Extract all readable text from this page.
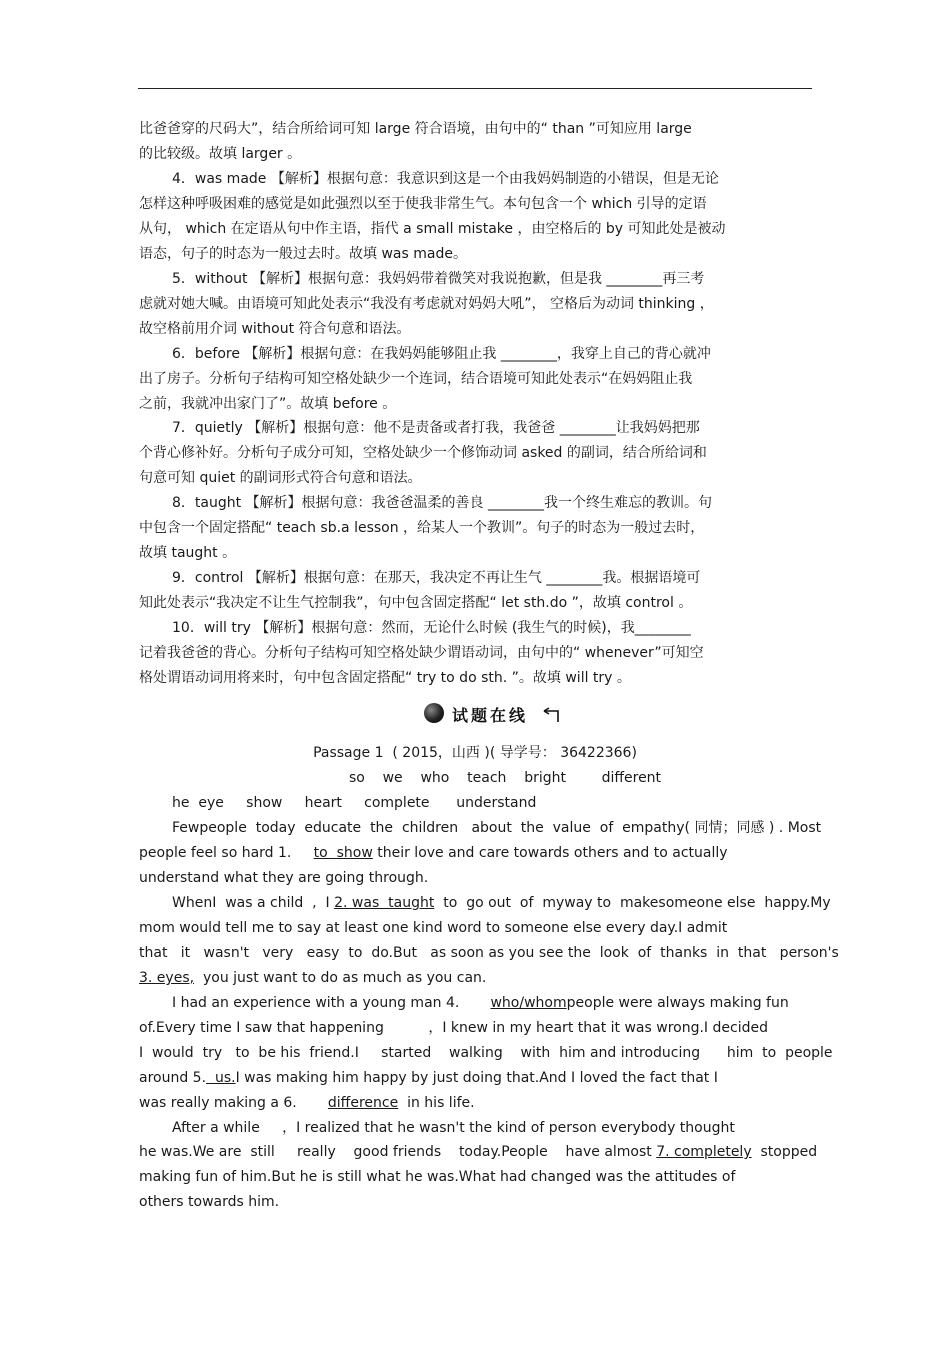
比爸爸穿的尺码大”，结合所给词可知 large 符合语境，由句中的“ than ”可知应用 large
的比较级。故填 larger 。
4．was made 【解析】根据句意：我意识到这是一个由我妈妈制造的小错误，但是无论
怎样这种呼吸困难的感觉是如此强烈以至于使我非常生气。本句包含一个 which 引导的定语
从句， which 在定语从句中作主语，指代 a small mistake ，由空格后的 by 可知此处是被动
语态，句子的时态为一般过去时。故填 was made。
5．without 【解析】根据句意：我妈妈带着微笑对我说抱歉，但是我 ________再三考
虑就对她大喊。由语境可知此处表示“我没有考虑就对妈妈大吼”， 空格后为动词 thinking ，
故空格前用介词 without 符合句意和语法。
6．before 【解析】根据句意：在我妈妈能够阻止我 ________，我穿上自己的背心就冲
出了房子。分析句子结构可知空格处缺少一个连词，结合语境可知此处表示“在妈妈阻止我
之前，我就冲出家门了”。故填 before 。
7．quietly 【解析】根据句意：他不是责备或者打我，我爸爸 ________让我妈妈把那
个背心修补好。分析句子成分可知，空格处缺少一个修饰动词 asked 的副词，结合所给词和
句意可知 quiet 的副词形式符合句意和语法。
8．taught 【解析】根据句意：我爸爸温柔的善良 ________我一个终生难忘的教训。句
中包含一个固定搭配“ teach sb.a lesson ，给某人一个教训”。句子的时态为一般过去时，
故填 taught 。
9．control 【解析】根据句意：在那天，我决定不再让生气 ________我。根据语境可
知此处表示“我决定不让生气控制我”，句中包含固定搭配“ let sth.do ”，故填 control 。
10．will try 【解析】根据句意：然而，无论什么时候 (我生气的时候)，我________
记着我爸爸的背心。分析句子结构可知空格处缺少谓语动词，由句中的“ whenever”可知空
格处谓语动词用将来时，句中包含固定搭配“ try to do sth. ”。故填 will try 。
试题在线
Passage 1  ( 2015，山西 )( 导学号： 36422366)
so    we    who    teach    bright        different
he  eye     show     heart     complete      understand
Fewpeople  today  educate  the  children   about  the  value  of  empathy( 同情；同感 ) . Most
people feel so hard 1. to  show their love and care towards others and to actually
understand what they are going through.
WhenI  was a child  ,  I 2. was  taught  to  go out  of  myway to  makesomeone else  happy.My
mom would tell me to say at least one kind word to someone else every day.I admit
that   it   wasn't   very   easy  to  do.But   as soon as you see the  look  of  thanks  in  that   person's
3. eyes,  you just want to do as much as you can.
I had an experience with a young man 4. who/whompeople were always making fun
of.Every time I saw that happening          ，I knew in my heart that it was wrong.I decided
I  would  try   to  be his  friend.I     started    walking    with  him and introducing      him  to  people
around 5.  us.I was making him happy by just doing that.And I loved the fact that I
was really making a 6. difference  in his life.
After a while     ，I realized that he wasn't the kind of person everybody thought
he was.We are  still     really    good friends    today.People    have almost 7. completely  stopped
making fun of him.But he is still what he was.What had changed was the attitudes of
others towards him.
